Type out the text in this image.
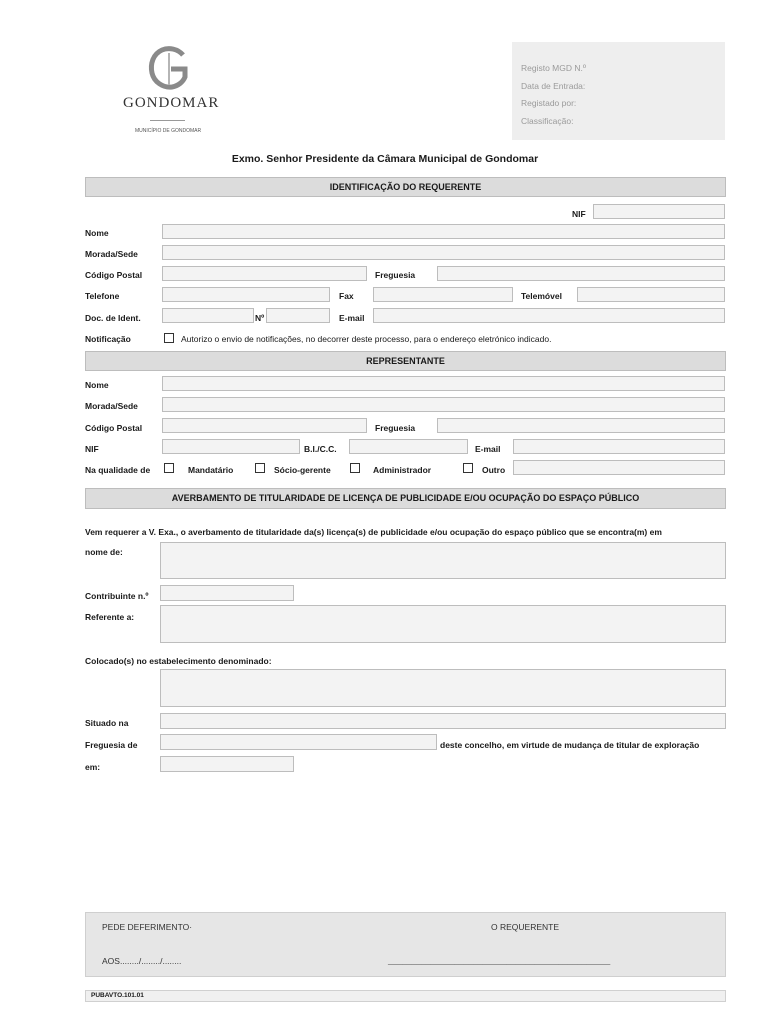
GONDOMAR
MUNICÍPIO DE GONDOMAR
Registo MGD N.º
Data de Entrada:
Registado por:
Classificação:
Exmo. Senhor Presidente da Câmara Municipal de Gondomar
IDENTIFICAÇÃO DO REQUERENTE
NIF
Nome
Morada/Sede
Código Postal	Freguesia
Telefone	Fax	Telemóvel
Doc. de Ident.	Nº	E-mail
Notificação	Autorizo o envio de notificações, no decorrer deste processo, para o endereço eletrónico indicado.
REPRESENTANTE
Nome
Morada/Sede
Código Postal	Freguesia
NIF	B.I./C.C.	E-mail
Na qualidade de	Mandatário	Sócio-gerente	Administrador	Outro
AVERBAMENTO DE TITULARIDADE DE LICENÇA DE PUBLICIDADE E/OU OCUPAÇÃO DO ESPAÇO PÚBLICO
Vem requerer a V. Exa., o averbamento de titularidade da(s) licença(s) de publicidade e/ou ocupação do espaço público que se encontra(m) em
nome de:
Contribuinte n.º
Referente a:
Colocado(s) no estabelecimento denominado:
Situado na
Freguesia de	deste concelho, em virtude de mudança de titular de exploração
em:
PEDE DEFERIMENTO·
AOS......../......../........
O REQUERENTE
_______________________________________________
PUBAVTO.101.01
